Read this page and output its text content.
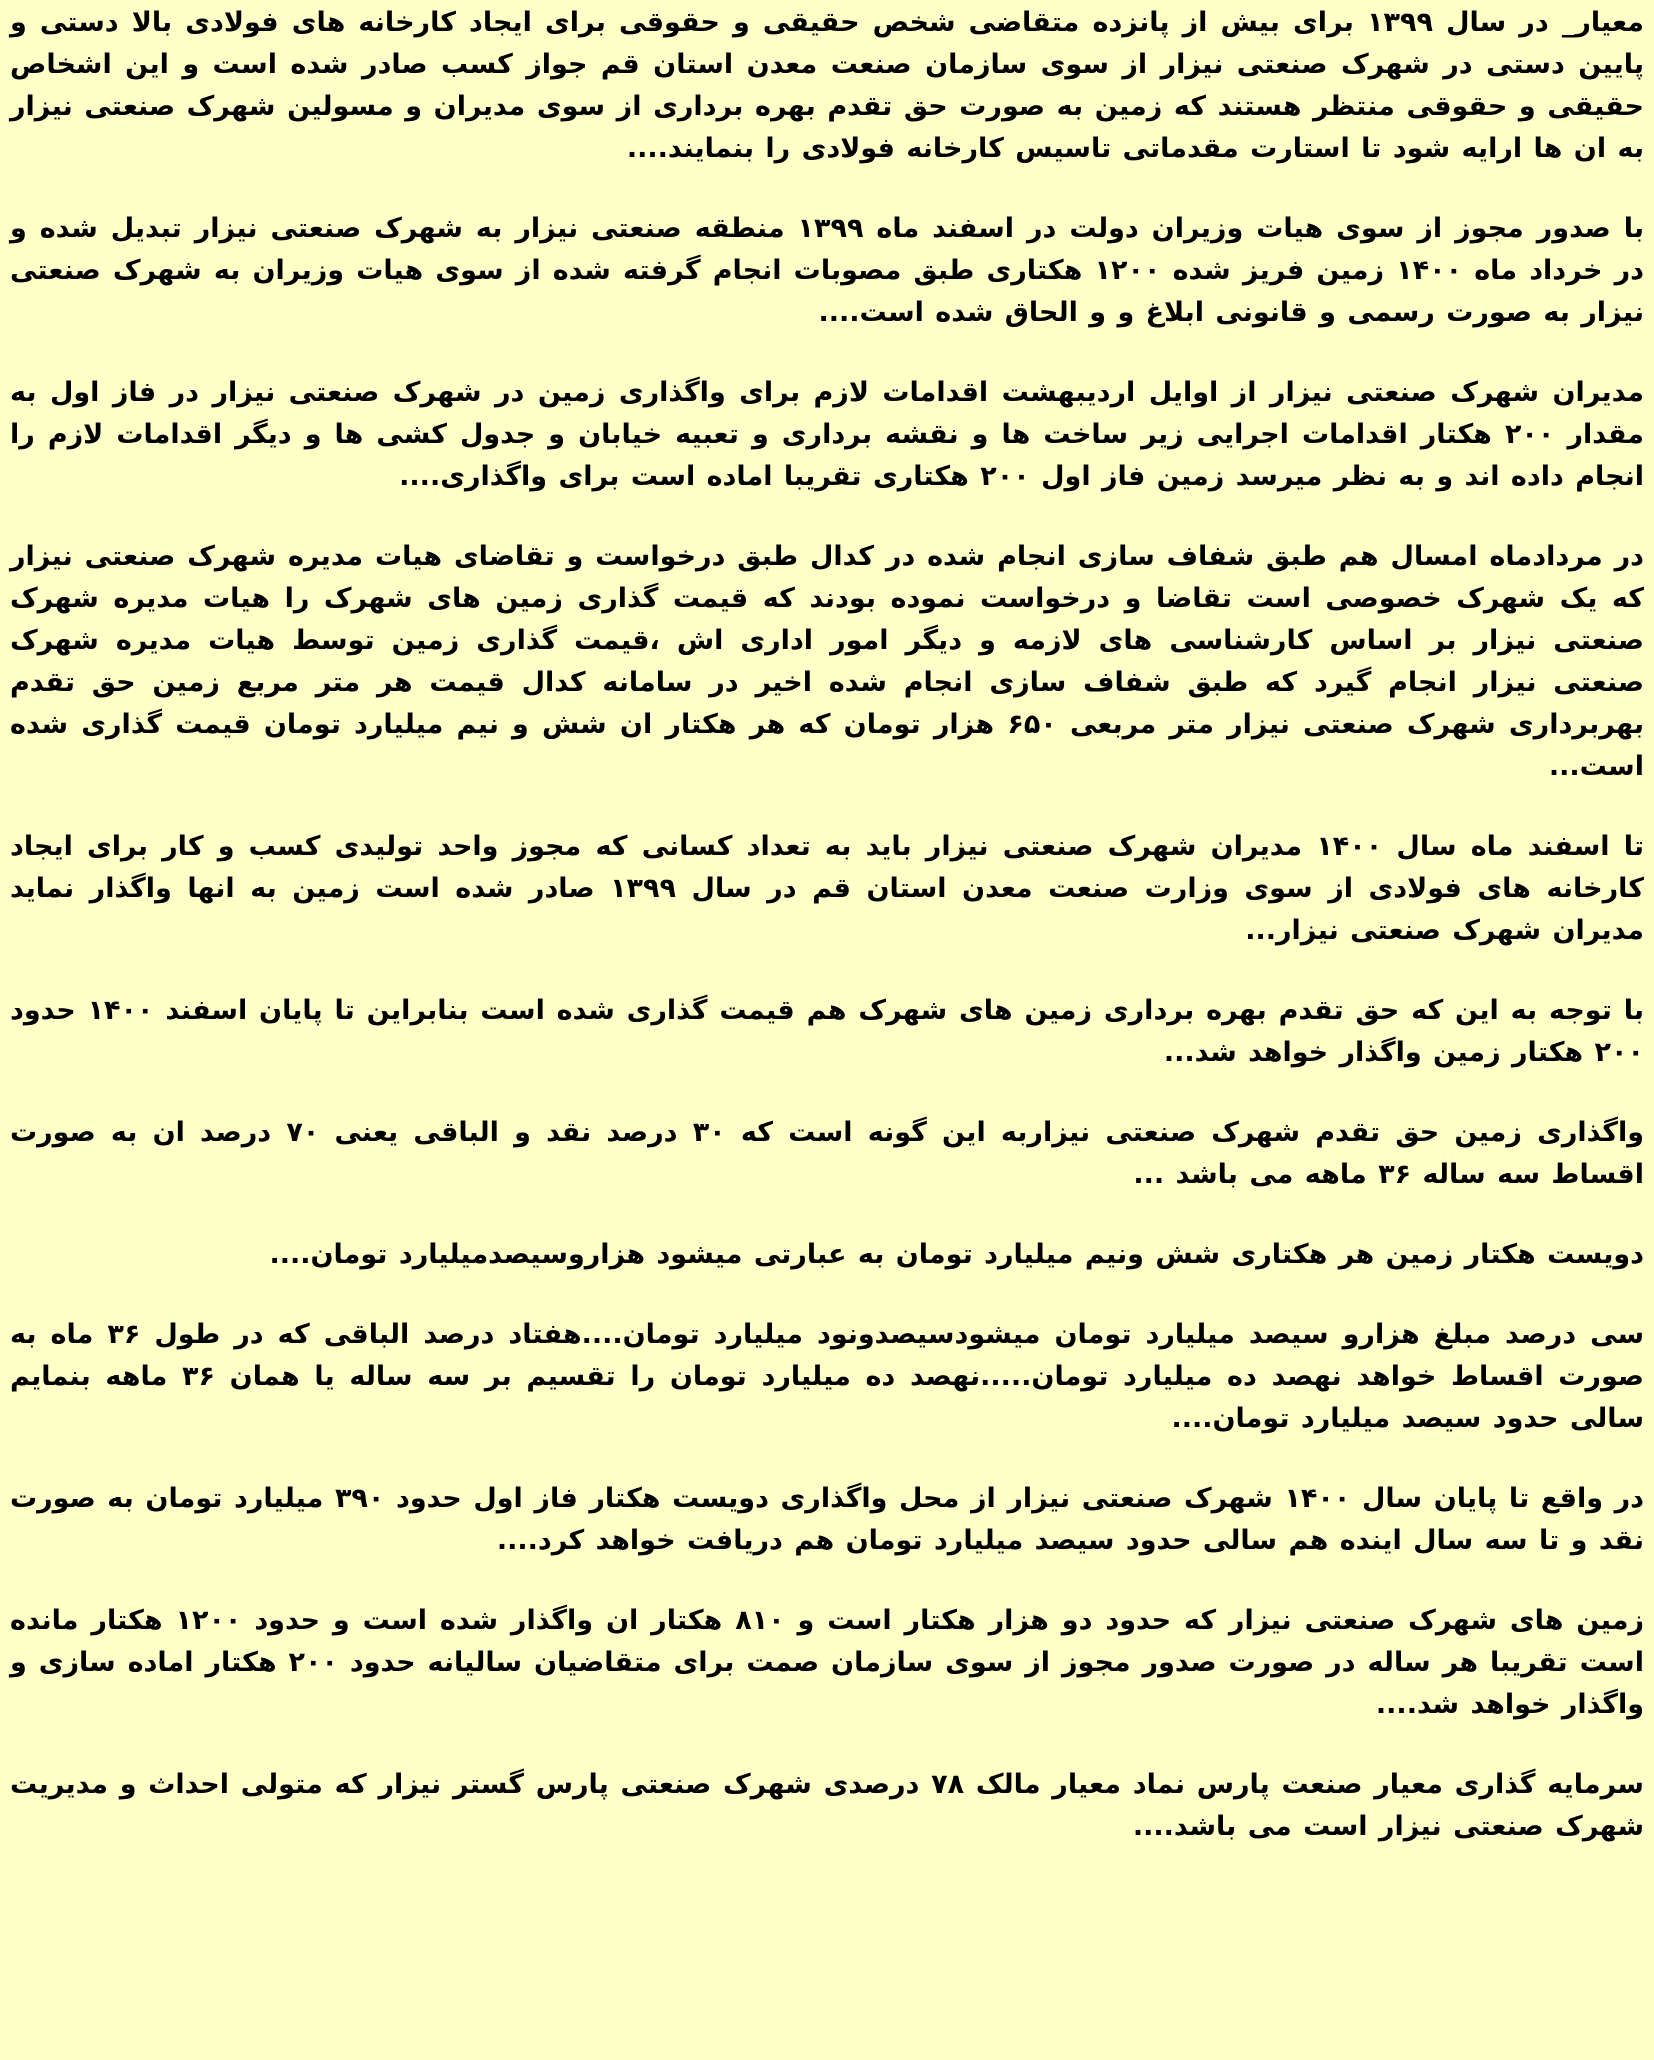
معیار_ در سال ۱۳۹۹ برای بیش از پانزده متقاضی شخص حقیقی و حقوقی برای ایجاد کارخانه های فولادی بالا دستی و پایین دستی در شهرک صنعتی نیزار از سوی سازمان صنعت معدن استان قم جواز کسب صادر شده است و این اشخاص حقیقی و حقوقی منتظر هستند که زمین به صورت حق تقدم بهره برداری از سوی مدیران و مسولین شهرک صنعتی نیزار به ان ها ارایه شود تا استارت مقدماتی تاسیس کارخانه فولادی را بنمایند....

با صدور مجوز از سوی هیات وزیران دولت در اسفند ماه ۱۳۹۹ منطقه صنعتی نیزار به شهرک صنعتی نیزار تبدیل شده و در خرداد ماه ۱۴۰۰ زمین فریز شده ۱۲۰۰ هکتاری طبق مصوبات انجام گرفته شده از سوی هیات وزیران به شهرک صنعتی نیزار به صورت رسمی و قانونی ابلاغ و و الحاق شده است....

مدیران شهرک صنعتی نیزار از اوایل اردیبهشت اقدامات لازم برای واگذاری زمین در شهرک صنعتی نیزار در فاز اول به مقدار ۲۰۰ هکتار اقدامات اجرایی زیر ساخت ها و نقشه برداری و تعبیه خیابان و جدول کشی ها و دیگر اقدامات لازم را انجام داده اند و به نظر میرسد زمین فاز اول ۲۰۰ هکتاری تقریبا اماده است برای واگذاری....

در مردادماه امسال هم طبق شفاف سازی انجام شده در کدال طبق درخواست و تقاضای هیات مدیره شهرک صنعتی نیزار که یک شهرک خصوصی است تقاضا و درخواست نموده بودند که قیمت گذاری زمین های شهرک را هیات مدیره شهرک صنعتی نیزار بر اساس کارشناسی های لازمه و دیگر امور اداری اش ،قیمت گذاری زمین توسط هیات مدیره شهرک صنعتی نیزار انجام گیرد که طبق شفاف سازی انجام شده اخیر در سامانه کدال قیمت هر متر مربع زمین حق تقدم بهربرداری شهرک صنعتی نیزار متر مربعی ۶۵۰ هزار تومان که هر هکتار ان شش و نیم میلیارد تومان قیمت گذاری شده است...

تا اسفند ماه سال ۱۴۰۰ مدیران شهرک صنعتی نیزار باید به تعداد کسانی که مجوز واحد تولیدی کسب و کار برای ایجاد کارخانه های فولادی از سوی وزارت صنعت معدن استان قم در سال ۱۳۹۹ صادر شده است زمین به انها واگذار نماید مدیران شهرک صنعتی نیزار...

با توجه به این که حق تقدم بهره برداری زمین های شهرک هم قیمت گذاری شده است بنابراین تا پایان اسفند ۱۴۰۰ حدود ۲۰۰ هکتار زمین واگذار خواهد شد...

واگذاری زمین حق تقدم شهرک صنعتی نیزاربه این گونه است که ۳۰ درصد نقد و الباقی یعنی ۷۰ درصد ان به صورت اقساط سه ساله ۳۶ ماهه می باشد ...

دویست هکتار زمین هر هکتاری شش ونیم میلیارد تومان به عبارتی میشود هزاروسیصدمیلیارد تومان....

سی درصد مبلغ هزارو سیصد میلیارد تومان میشودسیصدونود میلیارد تومان....هفتاد درصد الباقی که در طول ۳۶ ماه به صورت اقساط خواهد نهصد ده میلیارد تومان.....نهصد ده میلیارد تومان را تقسیم بر سه ساله یا همان ۳۶ ماهه بنمایم سالی حدود سیصد میلیارد تومان....

در واقع تا پایان سال ۱۴۰۰ شهرک صنعتی نیزار از محل واگذاری دویست هکتار فاز اول حدود ۳۹۰ میلیارد تومان به صورت نقد و تا سه سال اینده هم سالی حدود سیصد میلیارد تومان هم دریافت خواهد کرد....

زمین های شهرک صنعتی نیزار که حدود دو هزار هکتار است و ۸۱۰ هکتار ان واگذار شده است و حدود ۱۲۰۰ هکتار مانده است تقریبا هر ساله در صورت صدور مجوز از سوی سازمان صمت برای متقاضیان سالیانه حدود ۲۰۰ هکتار اماده سازی و واگذار خواهد شد....

سرمایه گذاری معیار صنعت پارس نماد معیار مالک ۷۸ درصدی شهرک صنعتی پارس گستر نیزار که متولی احداث و مدیریت شهرک صنعتی نیزار است می باشد....
